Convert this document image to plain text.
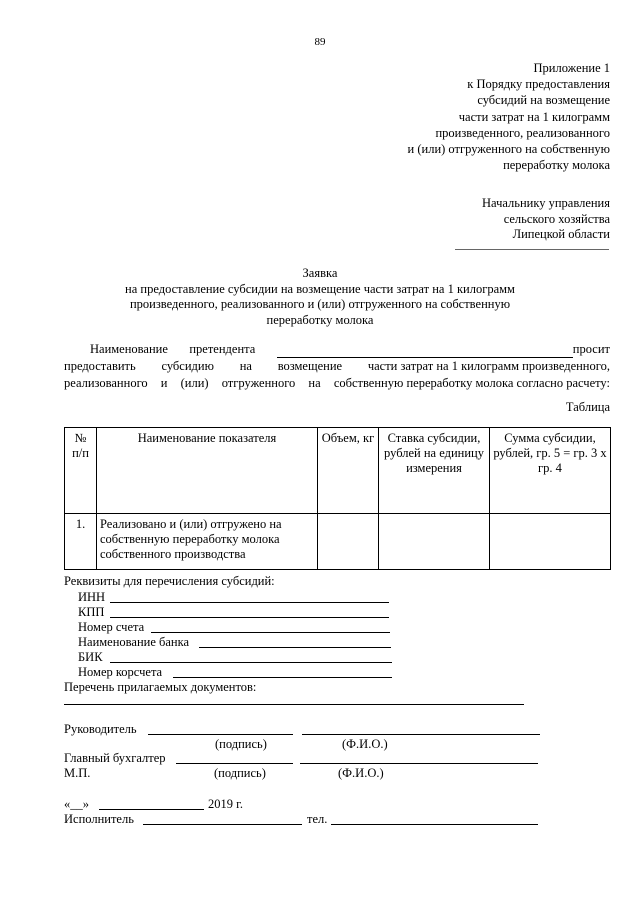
89
Приложение 1
к Порядку предоставления
субсидий на возмещение
части затрат на 1 килограмм
произведенного, реализованного
и (или) отгруженного на собственную
переработку молока
Начальнику управления
сельского хозяйства
Липецкой области
Заявка
на предоставление субсидии на возмещение части затрат на 1 килограмм
произведенного, реализованного и (или) отгруженного на собственную
переработку молока
Наименование претендента	просит
предоставить субсидию на возмещение части затрат на 1 килограмм произведенного,
реализованного и (или) отгруженного на собственную переработку молока согласно расчету:
Таблица
№ п/п	Наименование показателя	Объем, кг	Ставка субсидии, рублей на единицу измерения	Сумма субсидии, рублей, гр. 5 = гр. 3 х гр. 4
1.	Реализовано и (или) отгружено на собственную переработку молока собственного производства			
Реквизиты для перечисления субсидий:
ИНН
КПП
Номер счета
Наименование банка
БИК
Номер корсчета
Перечень прилагаемых документов:
Руководитель
(подпись)	(Ф.И.О.)
Главный бухгалтер
М.П.	(подпись)	(Ф.И.О.)
«__»	2019 г.
Исполнитель	тел.
